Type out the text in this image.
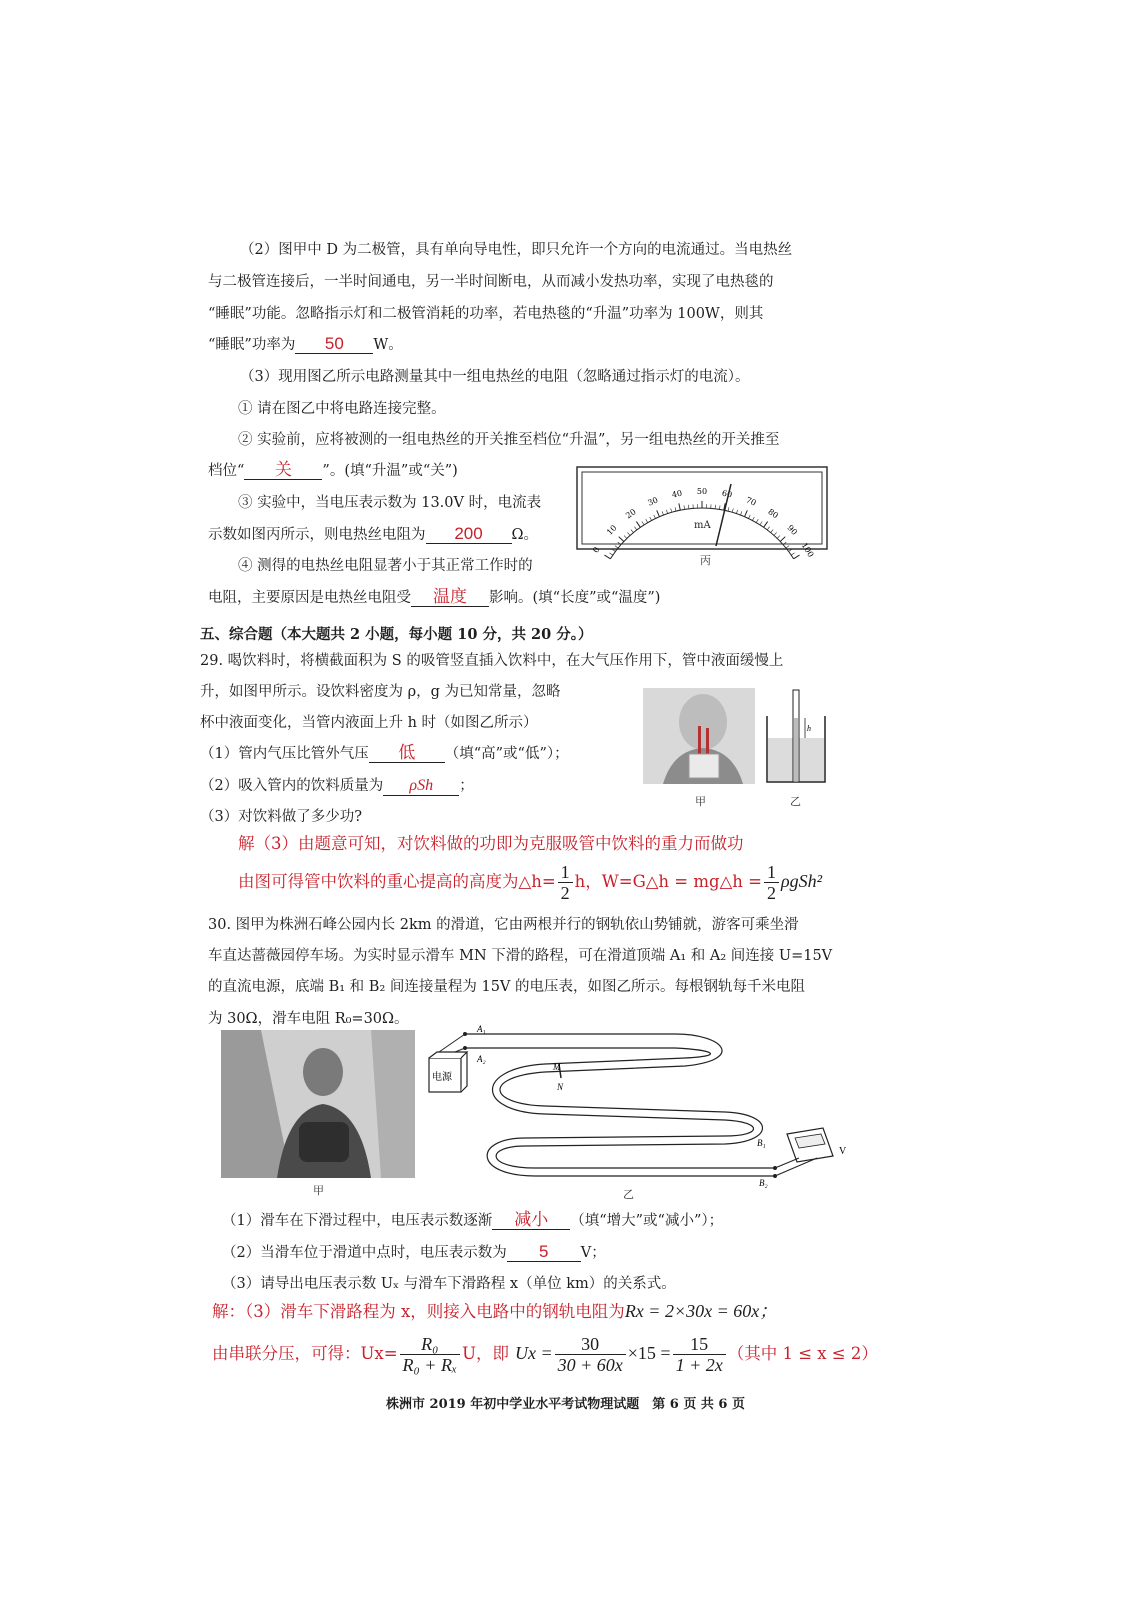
（2）图甲中 D 为二极管，具有单向导电性，即只允许一个方向的电流通过。当电热丝
与二极管连接后，一半时间通电，另一半时间断电，从而减小发热功率，实现了电热毯的
“睡眠”功能。忽略指示灯和二极管消耗的功率，若电热毯的“升温”功率为 100W，则其
“睡眠”功率为 50 W。
（3）现用图乙所示电路测量其中一组电热丝的电阻（忽略通过指示灯的电流）。
① 请在图乙中将电路连接完整。
② 实验前，应将被测的一组电热丝的开关推至档位“升温”，另一组电热丝的开关推至
档位“ 关 ”。(填“升温”或“关”)
③ 实验中，当电压表示数为 13.0V 时，电流表
示数如图丙所示，则电热丝电阻为 200 Ω。
④ 测得的电热丝电阻显著小于其正常工作时的
电阻，主要原因是电热丝电阻受 温度 影响。(填“长度”或“温度”)
0
10
20
30
40 50 60
70
80
90
100
mA
丙
五、综合题（本大题共 2 小题，每小题 10 分，共 20 分。）
29. 喝饮料时，将横截面积为 S 的吸管竖直插入饮料中，在大气压作用下，管中液面缓慢上
升，如图甲所示。设饮料密度为 ρ，g 为已知常量，忽略
杯中液面变化，当管内液面上升 h 时（如图乙所示）
（1）管内气压比管外气压 低 （填“高”或“低”）；
（2）吸入管内的饮料质量为 ρSh ；
（3）对饮料做了多少功?
h
甲	乙
解（3）由题意可知，对饮料做的功即为克服吸管中饮料的重力而做功
由图可得管中饮料的重心提高的高度为△h= $\frac{1}{2}$ h，W=G△h = mg△h = $\frac{1}{2} \rho gSh^2$
30. 图甲为株洲石峰公园内长 2km 的滑道，它由两根并行的钢轨依山势铺就，游客可乘坐滑
车直达蔷薇园停车场。为实时显示滑车 MN 下滑的路程，可在滑道顶端 A₁ 和 A₂ 间连接 U=15V
的直流电源，底端 B₁ 和 B₂ 间连接量程为 15V 的电压表，如图乙所示。每根钢轨每千米电阻
为 30Ω，滑车电阻 R₀=30Ω。
甲
电源
A₁
A₂
M
N
B₁
B₂
V
乙
（1）滑车在下滑过程中，电压表示数逐渐 减小 （填“增大”或“减小”）；
（2）当滑车位于滑道中点时，电压表示数为 5 V；
（3）请导出电压表示数 Uₓ 与滑车下滑路程 x（单位 km）的关系式。
解：（3）滑车下滑路程为 x，则接入电路中的钢轨电阻为Rx = 2×30x = 60x；
由串联分压，可得：$Ux= \frac{\text{R₀}}{\text{R₀ + Rₓ}}$ U，即 $Ux = \frac{30}{30 + 60x} \times 15 = \frac{15}{1 + 2x}$ （其中 1 ≤ x ≤ 2）
株洲市 2019 年初中学业水平考试物理试题　第 6 页 共 6 页
